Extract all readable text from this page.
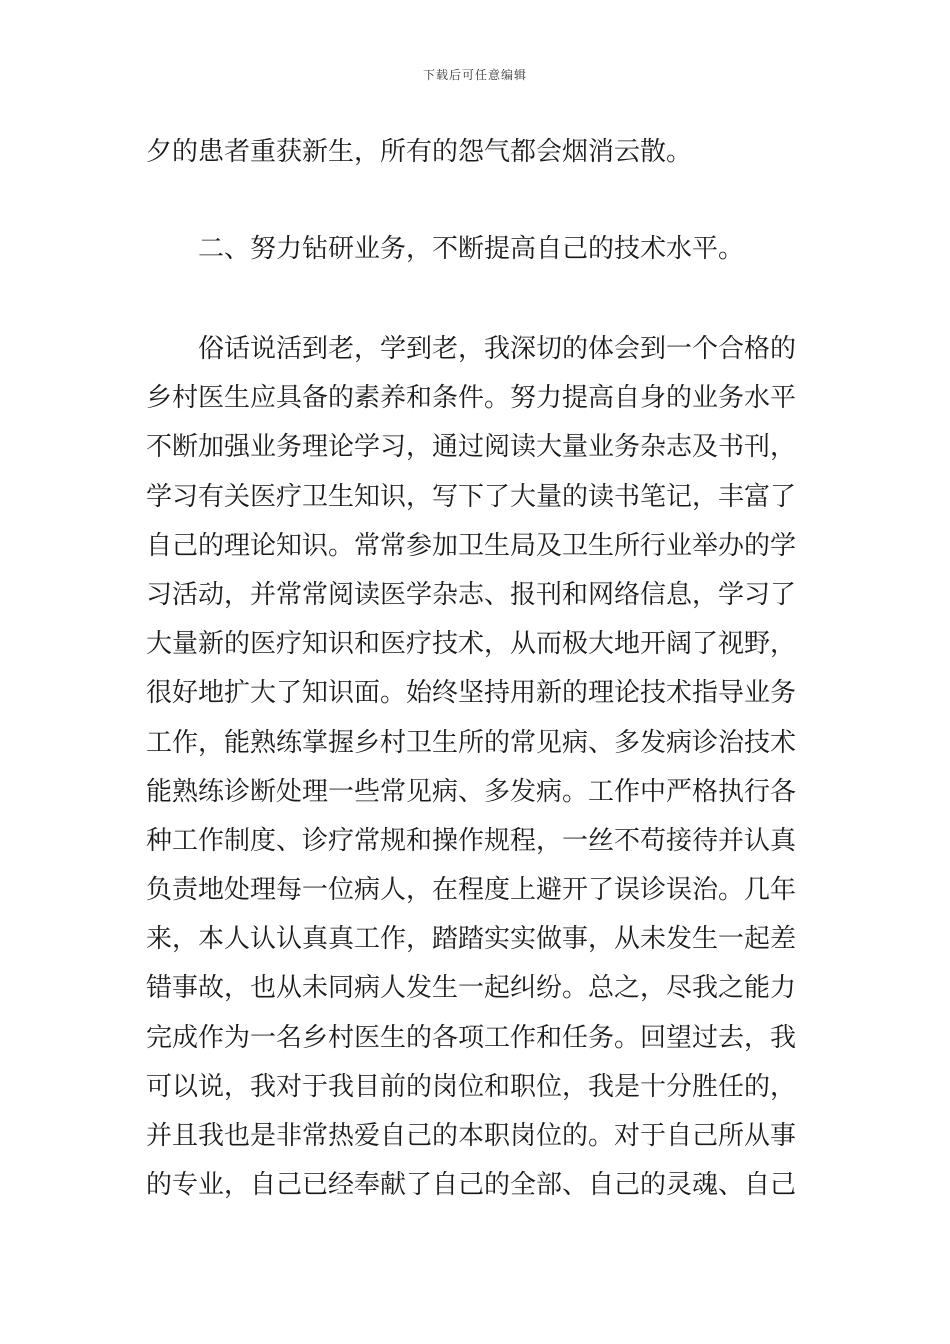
下载后可任意编辑

夕的患者重获新生，所有的怨气都会烟消云散。

二、努力钻研业务，不断提高自己的技术水平。

俗话说活到老，学到老，我深切的体会到一个合格的
乡村医生应具备的素养和条件。努力提高自身的业务水平
不断加强业务理论学习，通过阅读大量业务杂志及书刊，
学习有关医疗卫生知识，写下了大量的读书笔记，丰富了
自己的理论知识。常常参加卫生局及卫生所行业举办的学
习活动，并常常阅读医学杂志、报刊和网络信息，学习了
大量新的医疗知识和医疗技术，从而极大地开阔了视野，
很好地扩大了知识面。始终坚持用新的理论技术指导业务
工作，能熟练掌握乡村卫生所的常见病、多发病诊治技术
能熟练诊断处理一些常见病、多发病。工作中严格执行各
种工作制度、诊疗常规和操作规程，一丝不苟接待并认真
负责地处理每一位病人，在程度上避开了误诊误治。几年
来，本人认认真真工作，踏踏实实做事，从未发生一起差
错事故，也从未同病人发生一起纠纷。总之，尽我之能力
完成作为一名乡村医生的各项工作和任务。回望过去，我
可以说，我对于我目前的岗位和职位，我是十分胜任的，
并且我也是非常热爱自己的本职岗位的。对于自己所从事
的专业，自己已经奉献了自己的全部、自己的灵魂、自己
